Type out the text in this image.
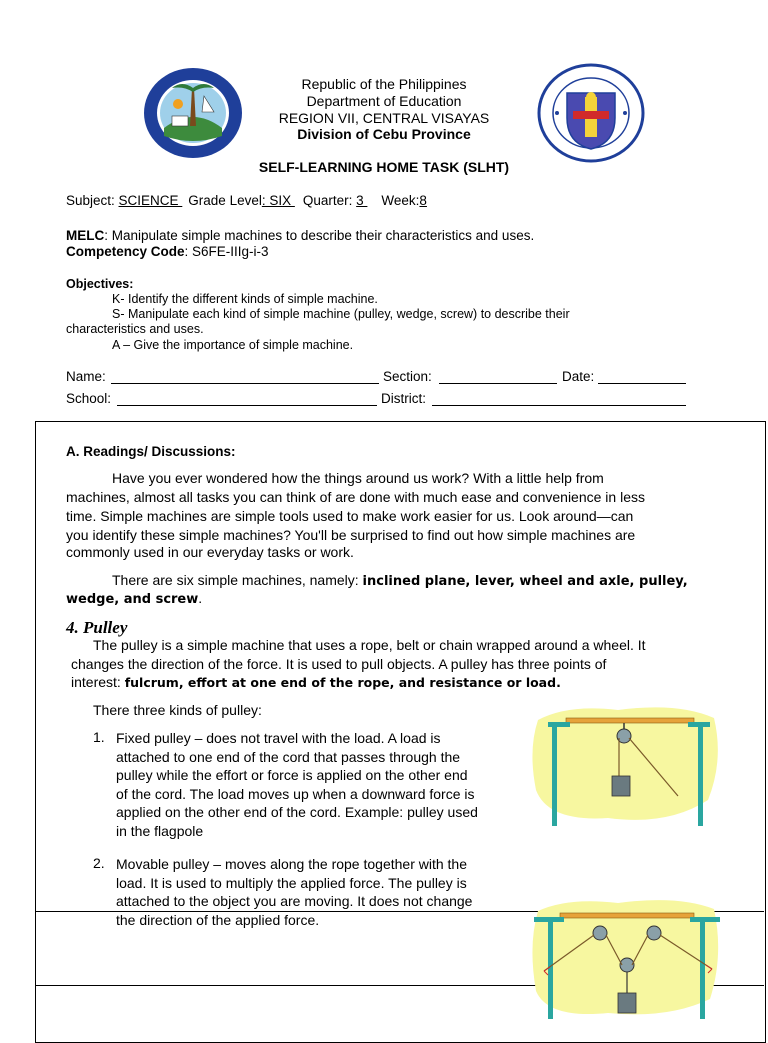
Republic of the Philippines
Department of Education
REGION VII, CENTRAL VISAYAS
Division of Cebu Province
SELF-LEARNING HOME TASK (SLHT)
Subject: SCIENCE Grade Level: SIX Quarter: 3 Week:8
MELC: Manipulate simple machines to describe their characteristics and uses.
Competency Code: S6FE-IIIg-i-3
Objectives:
K- Identify the different kinds of simple machine.
S- Manipulate each kind of simple machine (pulley, wedge, screw) to describe their
characteristics and uses.
A – Give the importance of simple machine.
Name:	Section:	Date:
School:	District:
A. Readings/ Discussions:
Have you ever wondered how the things around us work? With a little help from
machines, almost all tasks you can think of are done with much ease and convenience in less
time. Simple machines are simple tools used to make work easier for us. Look around—can
you identify these simple machines? You'll be surprised to find out how simple machines are
commonly used in our everyday tasks or work.
There are six simple machines, namely: inclined plane, lever, wheel and axle, pulley,
wedge, and screw.
4. Pulley
The pulley is a simple machine that uses a rope, belt or chain wrapped around a wheel. It
changes the direction of the force. It is used to pull objects. A pulley has three points of
interest: fulcrum, effort at one end of the rope, and resistance or load.
There three kinds of pulley:
1. Fixed pulley – does not travel with the load. A load is
attached to one end of the cord that passes through the
pulley while the effort or force is applied on the other end
of the cord. The load moves up when a downward force is
applied on the other end of the cord. Example: pulley used
in the flagpole
2. Movable pulley – moves along the rope together with the
load. It is used to multiply the applied force. The pulley is
attached to the object you are moving. It does not change
the direction of the applied force.
